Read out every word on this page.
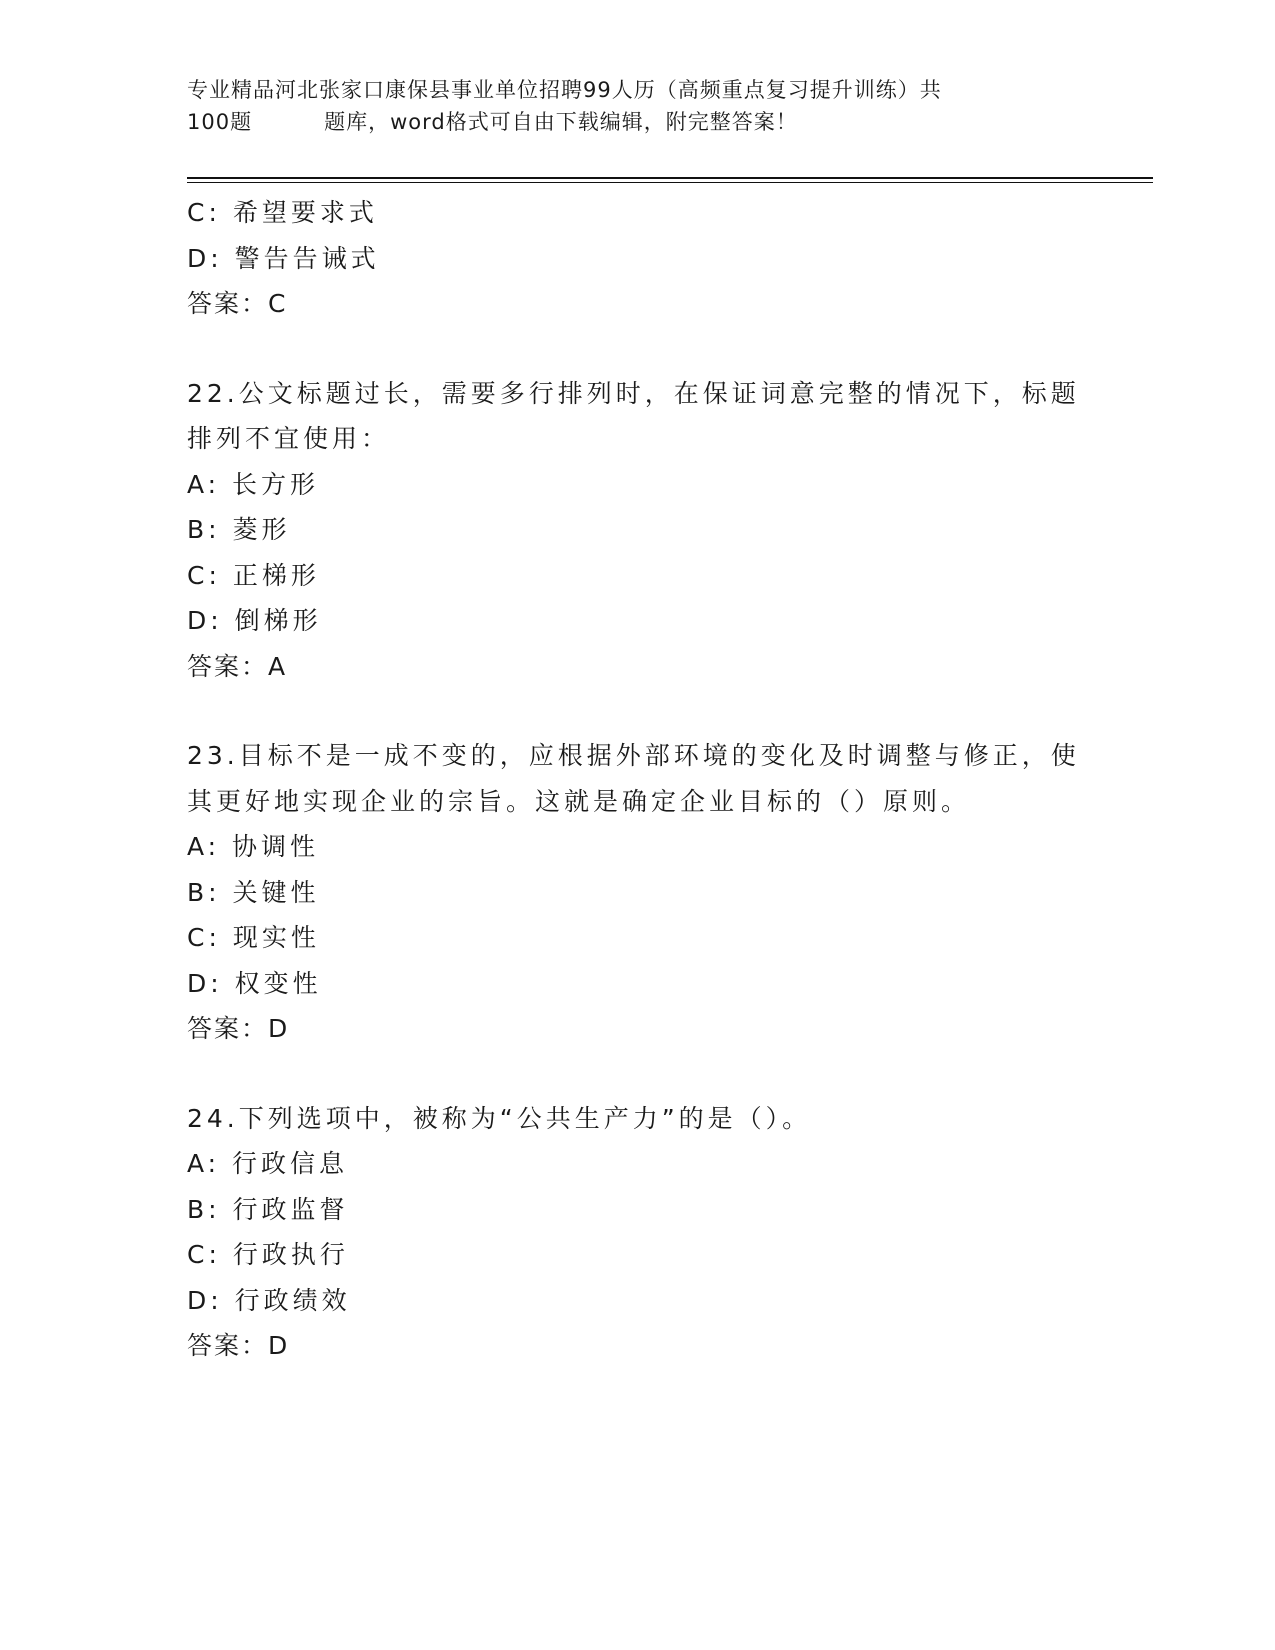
专业精品河北张家口康保县事业单位招聘99人历（高频重点复习提升训练）共
100题	题库，word格式可自由下载编辑，附完整答案！
C: 希望要求式
D: 警告告诫式
答案：C
22.公文标题过长，需要多行排列时，在保证词意完整的情况下，标题
排列不宜使用：
A: 长方形
B: 菱形
C: 正梯形
D: 倒梯形
答案：A
23.目标不是一成不变的，应根据外部环境的变化及时调整与修正，使
其更好地实现企业的宗旨。这就是确定企业目标的（）原则。
A: 协调性
B: 关键性
C: 现实性
D: 权变性
答案：D
24.下列选项中，被称为“公共生产力”的是（）。
A: 行政信息
B: 行政监督
C: 行政执行
D: 行政绩效
答案：D
